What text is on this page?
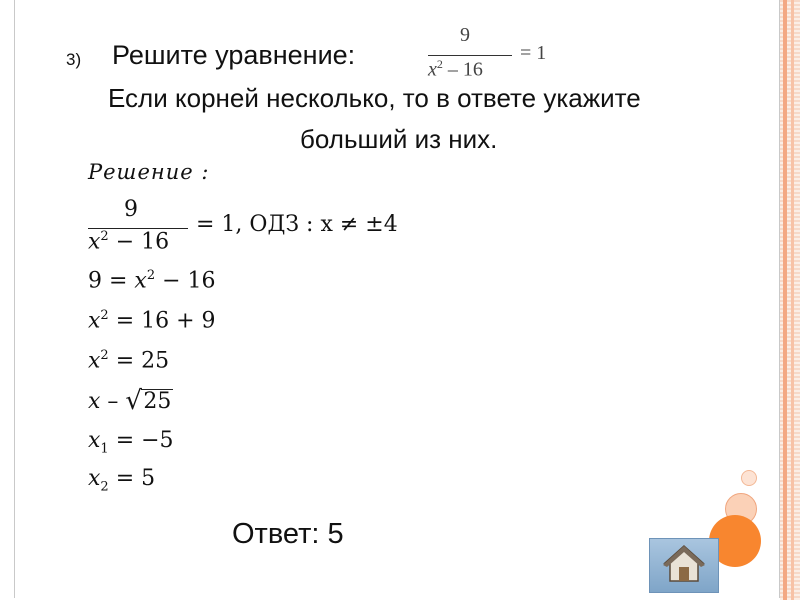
3) Решите уравнение:
9
$x^2 - 16$
= 1
Если корней несколько, то в ответе укажите
больший из них.
Решение :
9
$x^2 - 16$
= 1, ОДЗ : x ≠ ±4
$9 = x^2 - 16$
$x^2 = 16 + 9$
$x^2 = 25$
x – √ 25
$x_1 = -5$
$x_2 = 5$
Ответ: 5
